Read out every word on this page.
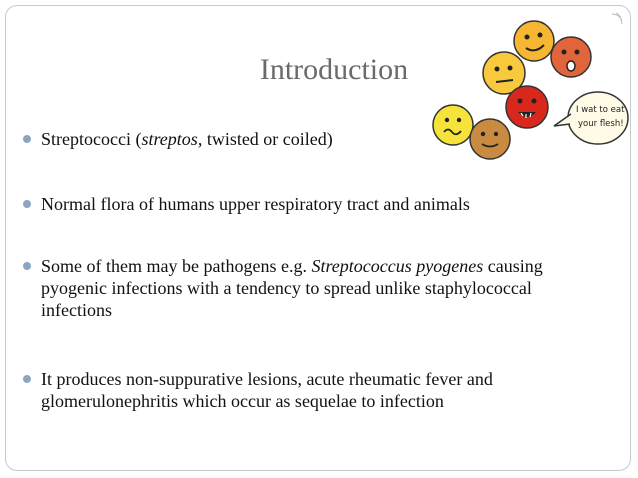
Introduction
I wat to eat
your flesh!
Streptococci (streptos, twisted or coiled)
Normal flora of humans upper respiratory tract and animals
Some of them may be pathogens e.g. Streptococcus pyogenes causing pyogenic infections with a tendency to spread unlike staphylococcal infections
It produces non-suppurative lesions, acute rheumatic fever and glomerulonephritis which occur as sequelae to infection
